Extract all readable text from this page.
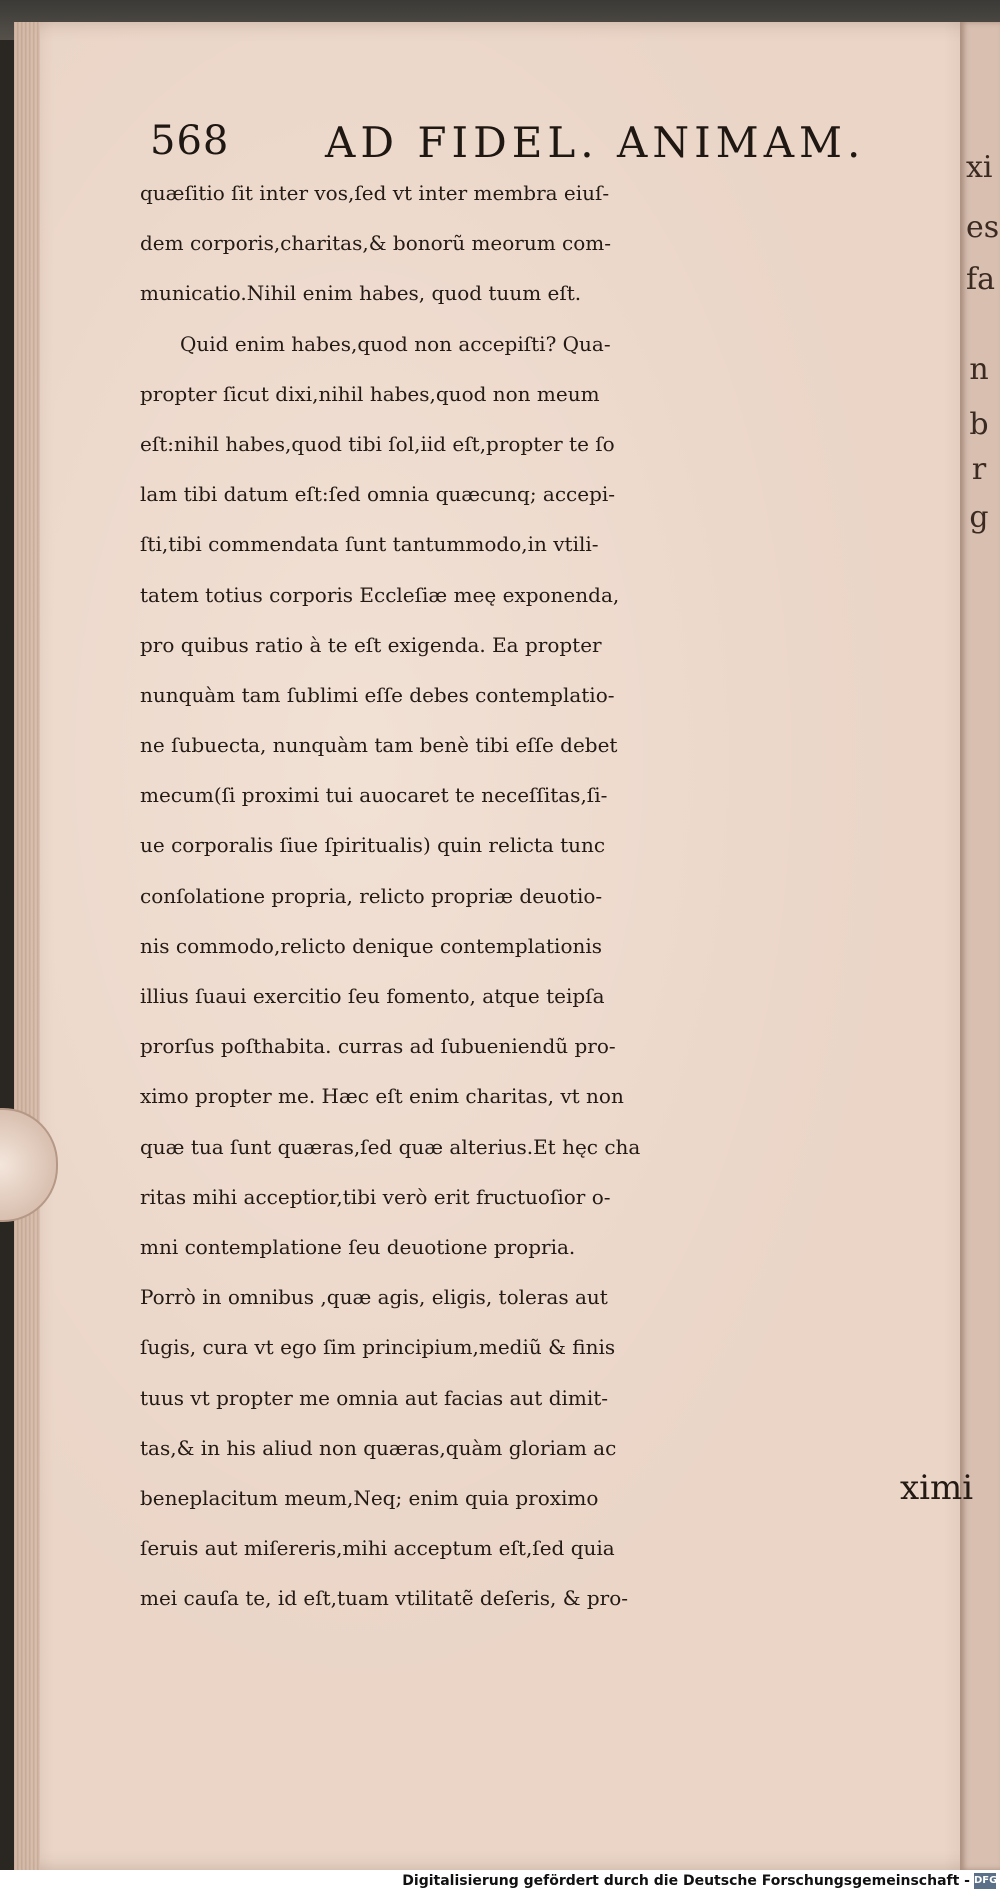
xi
es
fa
n
b
r
g
568 AD FIDEL. ANIMAM.
quæſitio ſit inter vos,ſed vt inter membra eiuſ-
dem corporis,charitas,& bonorũ meorum com-
municatio.Nihil enim habes, quod tuum eſt.
Quid enim habes,quod non accepiſti? Qua-
propter ſicut dixi,nihil habes,quod non meum
eſt:nihil habes,quod tibi ſol,iid eſt,propter te ſo
lam tibi datum eſt:ſed omnia quæcunq; accepi-
ſti,tibi commendata ſunt tantummodo,in vtili-
tatem totius corporis Eccleſiæ meę exponenda,
pro quibus ratio à te eſt exigenda. Ea propter
nunquàm tam ſublimi eſſe debes contemplatio-
ne ſubuecta, nunquàm tam benè tibi eſſe debet
mecum(ſi proximi tui auocaret te neceſſitas,ſi-
ue corporalis ſiue ſpiritualis) quin relicta tunc
conſolatione propria, relicto propriæ deuotio-
nis commodo,relicto denique contemplationis
illius ſuaui exercitio ſeu fomento, atque teipſa
prorſus poſthabita. curras ad ſubueniendũ pro-
ximo propter me. Hæc eſt enim charitas, vt non
quæ tua ſunt quæras,ſed quæ alterius.Et hęc cha
ritas mihi acceptior,tibi verò erit fructuoſior o-
mni contemplatione ſeu deuotione propria.
Porrò in omnibus ,quæ agis, eligis, toleras aut
ſugis, cura vt ego ſim principium,mediũ & finis
tuus vt propter me omnia aut facias aut dimit-
tas,& in his aliud non quæras,quàm gloriam ac
beneplacitum meum,Neq; enim quia proximo
ſeruis aut miſereris,mihi acceptum eſt,ſed quia
mei cauſa te, id eſt,tuam vtilitatẽ deſeris, & pro-
ximi
Digitalisierung gefördert durch die Deutsche Forschungsgemeinschaft - DFG
